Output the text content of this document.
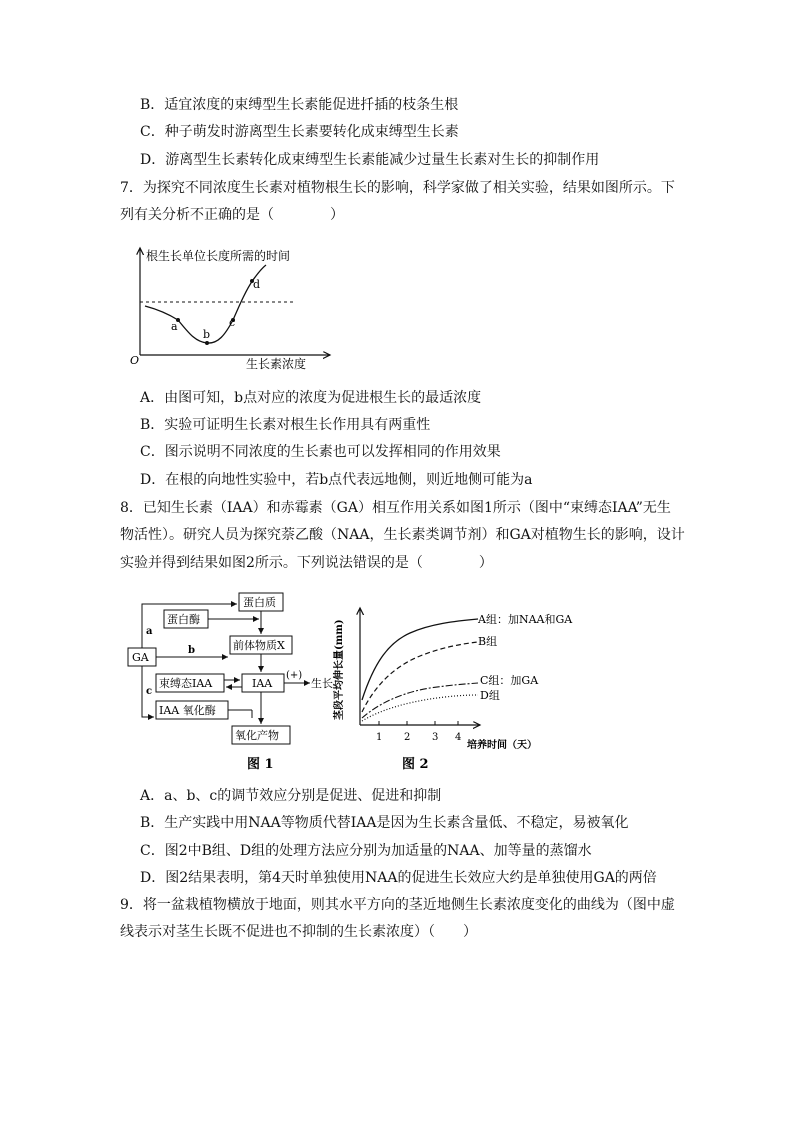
B．适宜浓度的束缚型生长素能促进扦插的枝条生根
C．种子萌发时游离型生长素要转化成束缚型生长素
D．游离型生长素转化成束缚型生长素能减少过量生长素对生长的抑制作用
7．为探究不同浓度生长素对植物根生长的影响，科学家做了相关实验，结果如图所示。下
列有关分析不正确的是（　　　　）
a
b
c
d
根生长单位长度所需的时间
生长素浓度
O
A．由图可知，b点对应的浓度为促进根生长的最适浓度
B．实验可证明生长素对根生长作用具有两重性
C．图示说明不同浓度的生长素也可以发挥相同的作用效果
D．在根的向地性实验中，若b点代表远地侧，则近地侧可能为a
8．已知生长素（IAA）和赤霉素（GA）相互作用关系如图1所示（图中“束缚态IAA”无生
物活性）。研究人员为探究萘乙酸（NAA，生长素类调节剂）和GA对植物生长的影响，设计
实验并得到结果如图2所示。下列说法错误的是（　　　　）
蛋白质
蛋白酶
前体物质X
GA
束缚态IAA	IAA
IAA 氧化酶
氧化产物
(+)
生长
a
b
c
图 1
1 2 3 4
A组：加NAA和GA
B组
C组：加GA
D组
茎段平均伸长量(mm)
培养时间（天）
图 2
A．a、b、c的调节效应分别是促进、促进和抑制
B．生产实践中用NAA等物质代替IAA是因为生长素含量低、不稳定，易被氧化
C．图2中B组、D组的处理方法应分别为加适量的NAA、加等量的蒸馏水
D．图2结果表明，第4天时单独使用NAA的促进生长效应大约是单独使用GA的两倍
9．将一盆栽植物横放于地面，则其水平方向的茎近地侧生长素浓度变化的曲线为（图中虚
线表示对茎生长既不促进也不抑制的生长素浓度）（　　）
